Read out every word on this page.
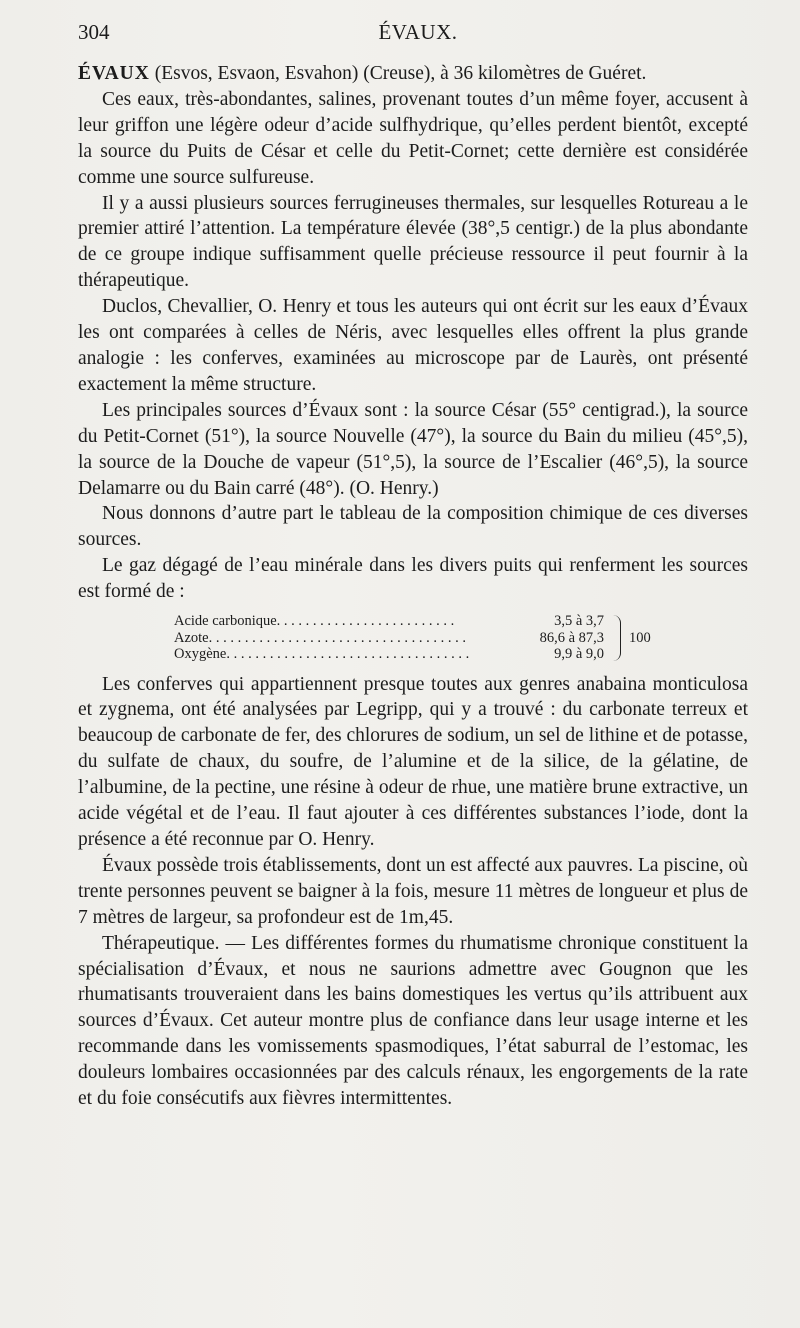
304	ÉVAUX.

ÉVAUX (Esvos, Esvaon, Esvahon) (Creuse), à 36 kilomètres de Guéret.

Ces eaux, très-abondantes, salines, provenant toutes d’un même foyer, accusent à leur griffon une légère odeur d’acide sulfhydrique, qu’elles perdent bientôt, excepté la source du Puits de César et celle du Petit-Cornet; cette dernière est considérée comme une source sulfureuse.

Il y a aussi plusieurs sources ferrugineuses thermales, sur lesquelles Rotureau a le premier attiré l’attention. La température élevée (38°,5 centigr.) de la plus abondante de ce groupe indique suffisamment quelle précieuse ressource il peut fournir à la thérapeutique.

Duclos, Chevallier, O. Henry et tous les auteurs qui ont écrit sur les eaux d’Évaux les ont comparées à celles de Néris, avec lesquelles elles offrent la plus grande analogie : les conferves, examinées au microscope par de Laurès, ont présenté exactement la même structure.

Les principales sources d’Évaux sont : la source César (55° centigrad.), la source du Petit-Cornet (51°), la source Nouvelle (47°), la source du Bain du milieu (45°,5), la source de la Douche de vapeur (51°,5), la source de l’Escalier (46°,5), la source Delamarre ou du Bain carré (48°). (O. Henry.)

Nous donnons d’autre part le tableau de la composition chimique de ces diverses sources.

Le gaz dégagé de l’eau minérale dans les divers puits qui renferment les sources est formé de :

Acide carbonique. . . . . . . . . . . . . . . . . . . . . . . . .	3,5 à 3,7
Azote. . . . . . . . . . . . . . . . . . . . . . . . . . . . . . . . . . . .	86,6 à 87,3
Oxygène. . . . . . . . . . . . . . . . . . . . . . . . . . . . . . . . . .	9,9 à 9,0
100

Les conferves qui appartiennent presque toutes aux genres anabaina monticulosa et zygnema, ont été analysées par Legripp, qui y a trouvé : du carbonate terreux et beaucoup de carbonate de fer, des chlorures de sodium, un sel de lithine et de potasse, du sulfate de chaux, du soufre, de l’alumine et de la silice, de la gélatine, de l’albumine, de la pectine, une résine à odeur de rhue, une matière brune extractive, un acide végétal et de l’eau. Il faut ajouter à ces différentes substances l’iode, dont la présence a été reconnue par O. Henry.

Évaux possède trois établissements, dont un est affecté aux pauvres. La piscine, où trente personnes peuvent se baigner à la fois, mesure 11 mètres de longueur et plus de 7 mètres de largeur, sa profondeur est de 1m,45.

Thérapeutique. — Les différentes formes du rhumatisme chronique constituent la spécialisation d’Évaux, et nous ne saurions admettre avec Gougnon que les rhumatisants trouveraient dans les bains domestiques les vertus qu’ils attribuent aux sources d’Évaux. Cet auteur montre plus de confiance dans leur usage interne et les recommande dans les vomissements spasmodiques, l’état saburral de l’estomac, les douleurs lombaires occasionnées par des calculs rénaux, les engorgements de la rate et du foie consécutifs aux fièvres intermittentes.
